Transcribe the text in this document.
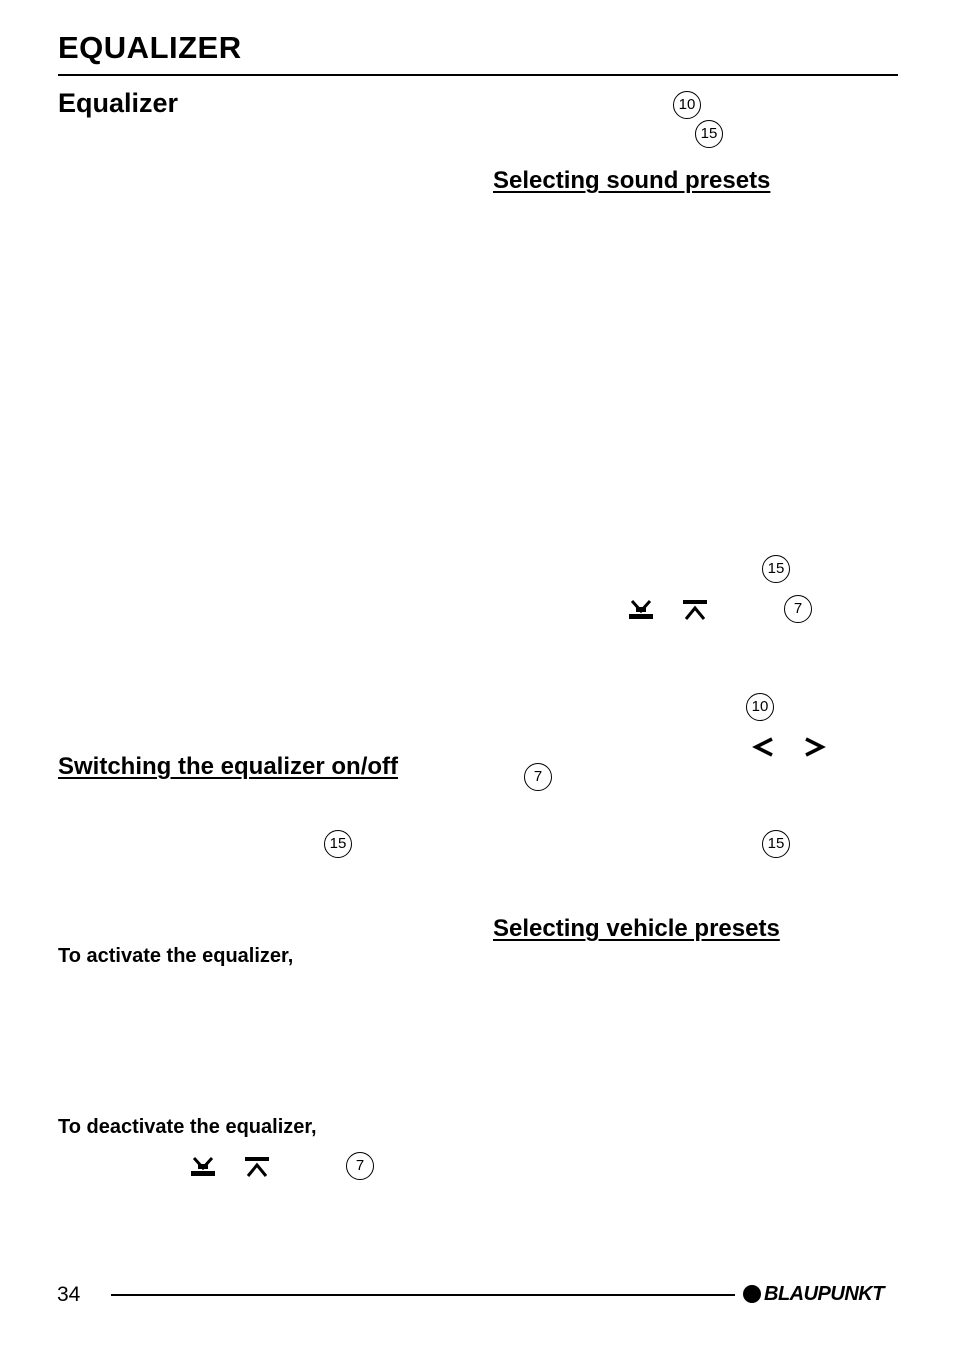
EQUALIZER
Equalizer	10
15
Selecting sound presets
15
7
10
Switching the equalizer on/off	7
15	15
Selecting vehicle presets
To activate the equalizer,
To deactivate the equalizer,
7
34	BLAUPUNKT
